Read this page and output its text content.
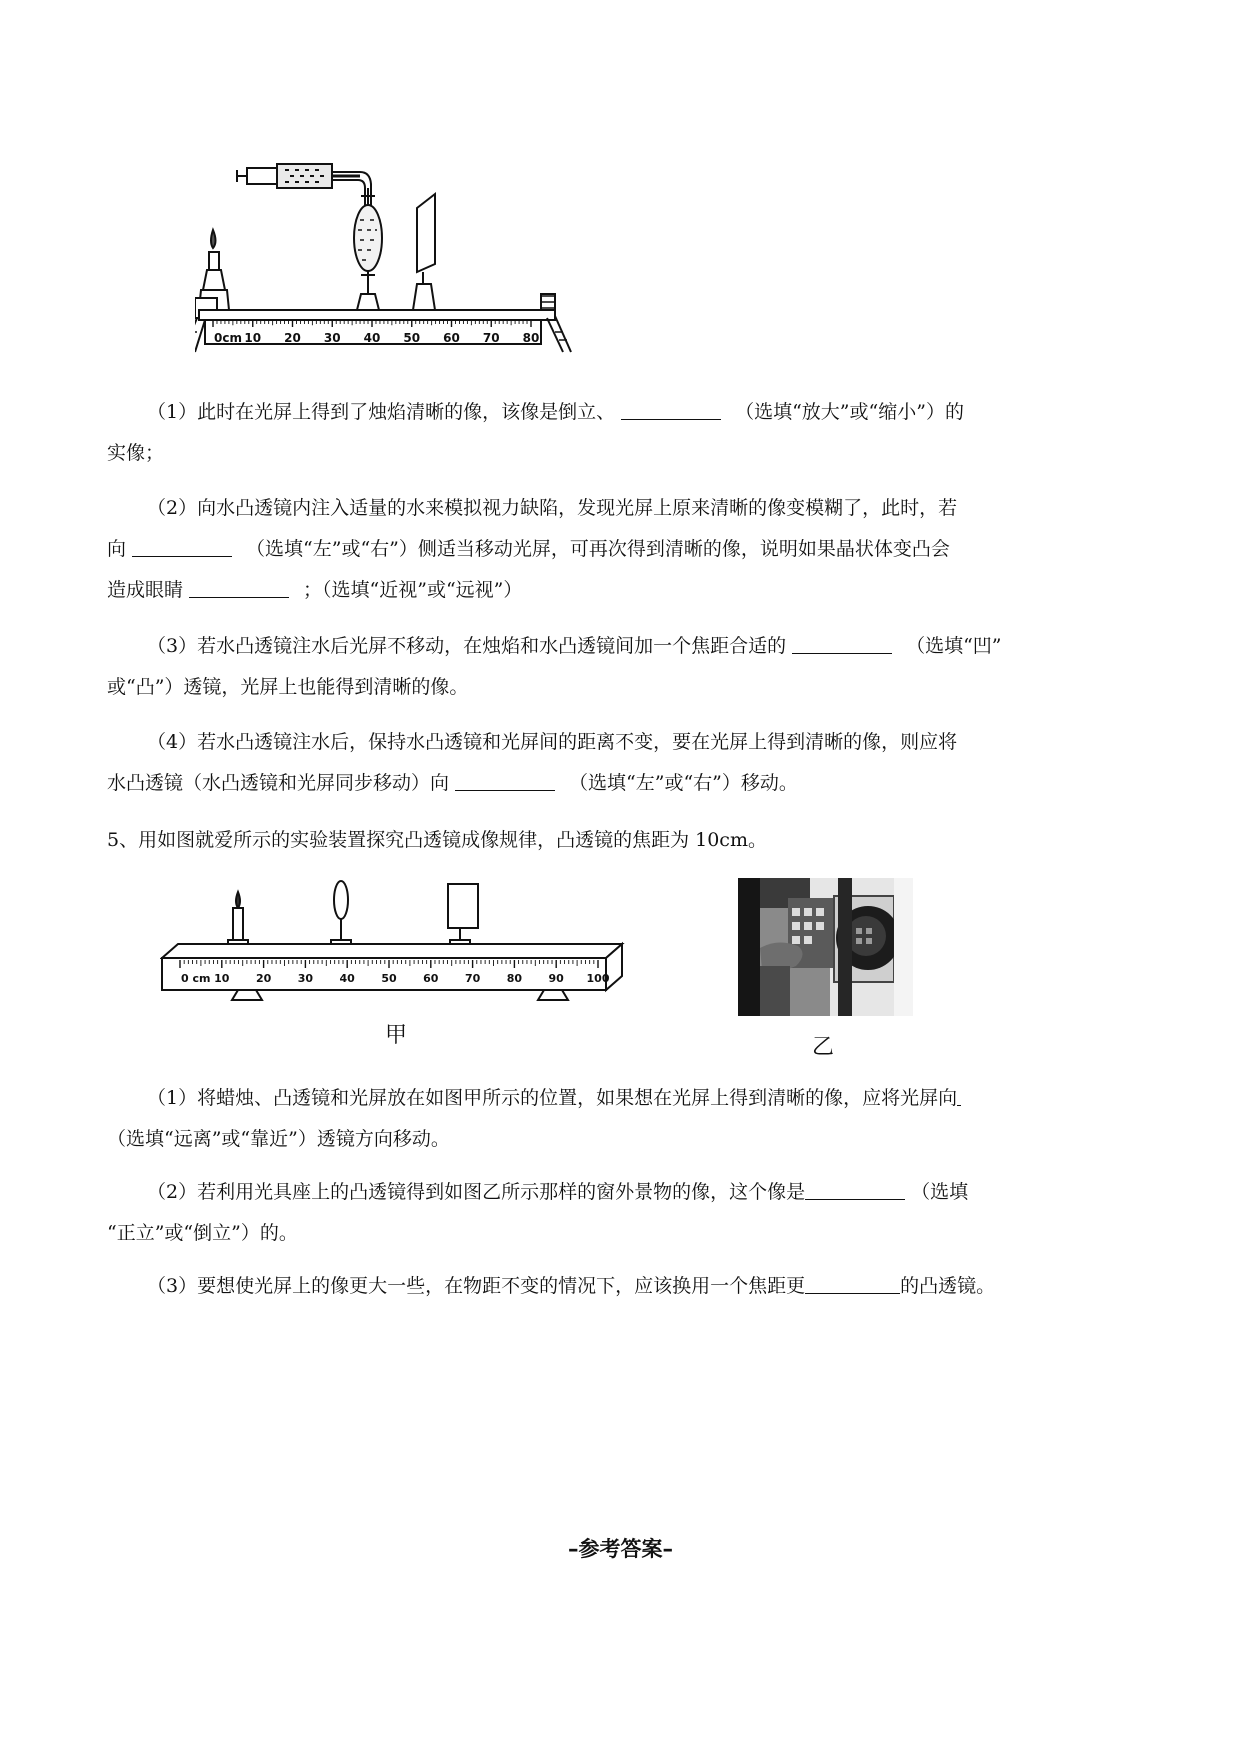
0cm 10 20 30 40 50 60 70 80
（1）此时在光屏上得到了烛焰清晰的像，该像是倒立、	（选填“放大”或“缩小”）的
实像；
（2）向水凸透镜内注入适量的水来模拟视力缺陷，发现光屏上原来清晰的像变模糊了，此时，若
向	（选填“左”或“右”）侧适当移动光屏，可再次得到清晰的像，说明如果晶状体变凸会
造成眼睛	；（选填“近视”或“远视”）
（3）若水凸透镜注水后光屏不移动，在烛焰和水凸透镜间加一个焦距合适的	（选填“凹”
或“凸”）透镜，光屏上也能得到清晰的像。
（4）若水凸透镜注水后，保持水凸透镜和光屏间的距离不变，要在光屏上得到清晰的像，则应将
水凸透镜（水凸透镜和光屏同步移动）向	（选填“左”或“右”）移动。
5、用如图就爱所示的实验装置探究凸透镜成像规律，凸透镜的焦距为 10cm。
0 cm 10 20 30 40 50 60 70 80 90 100
甲	乙
（1）将蜡烛、凸透镜和光屏放在如图甲所示的位置，如果想在光屏上得到清晰的像，应将光屏向
（选填“远离”或“靠近”）透镜方向移动。
（2）若利用光具座上的凸透镜得到如图乙所示那样的窗外景物的像，这个像是	（选填
“正立”或“倒立”）的。
（3）要想使光屏上的像更大一些，在物距不变的情况下，应该换用一个焦距更	的凸透镜。
–参考答案–
